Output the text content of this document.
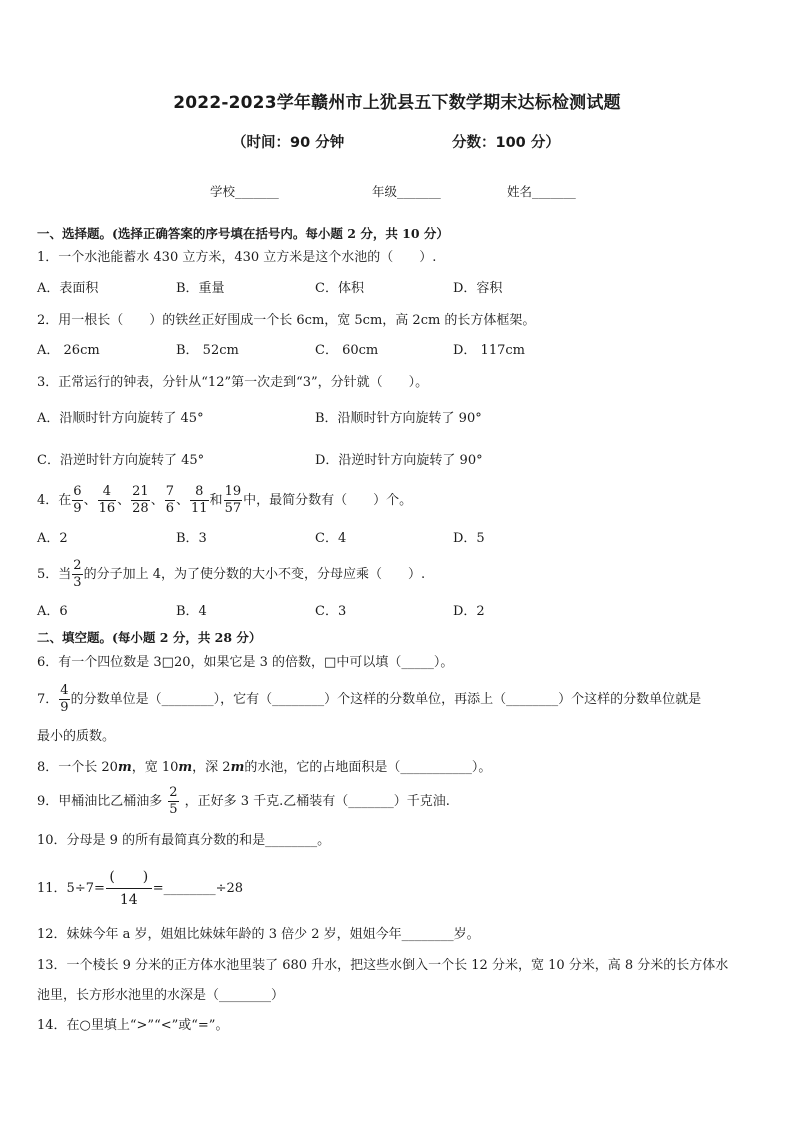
2022-2023学年赣州市上犹县五下数学期末达标检测试题
（时间：90 分钟	分数：100 分）
学校_______	年级_______	姓名_______
一、选择题。(选择正确答案的序号填在括号内。每小题 2 分，共 10 分）
1．一个水池能蓄水 430 立方米，430 立方米是这个水池的（　　）.
A．表面积	B．重量	C．体积	D．容积
2．用一根长（　　）的铁丝正好围成一个长 6cm，宽 5cm，高 2cm 的长方体框架。
A． 26cm	B． 52cm	C． 60cm	D． 117cm
3．正常运行的钟表，分针从“12”第一次走到“3”，分针就（　　）。
A．沿顺时针方向旋转了 45°	B．沿顺时针方向旋转了 90°
C．沿逆时针方向旋转了 45°	D．沿逆时针方向旋转了 90°
4．在 $\frac{6}{9}$ 、 $\frac{4}{16}$ 、 $\frac{21}{28}$ 、 $\frac{7}{6}$ 、 $\frac{8}{11}$ 和 $\frac{19}{57}$ 中，最简分数有（　　）个。
A．2	B．3	C．4	D．5
5．当 $\frac{2}{3}$ 的分子加上 4，为了使分数的大小不变，分母应乘（　　）.
A．6	B．4	C．3	D．2
二、填空题。(每小题 2 分，共 28 分）
6．有一个四位数是 3□20，如果它是 3 的倍数，□中可以填（_____）。
7． $\frac{4}{9}$ 的分数单位是（________），它有（________）个这样的分数单位，再添上（________）个这样的分数单位就是
最小的质数。
8．一个长 20m，宽 10m，深 2m的水池，它的占地面积是（___________）。
9．甲桶油比乙桶油多 $\frac{2}{5}$ ，正好多 3 千克.乙桶装有（_______）千克油.
10．分母是 9 的所有最简真分数的和是________。
11．$5\div 7= \frac{( )}{14}$ =________÷28
12．妹妹今年 a 岁，姐姐比妹妹年龄的 3 倍少 2 岁，姐姐今年________岁。
13．一个棱长 9 分米的正方体水池里装了 680 升水，把这些水倒入一个长 12 分米，宽 10 分米，高 8 分米的长方体水
池里，长方形水池里的水深是（________）
14．在○里填上“>”“<”或“=”。
